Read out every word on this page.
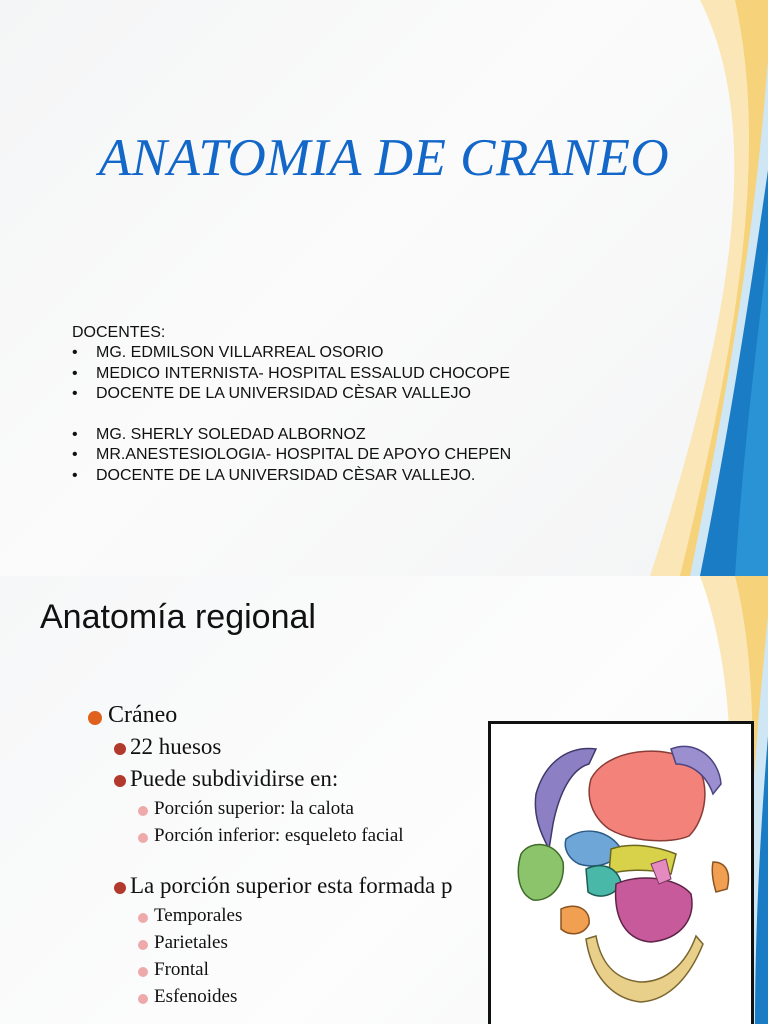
ANATOMIA DE CRANEO
DOCENTES:
• MG. EDMILSON VILLARREAL OSORIO
• MEDICO INTERNISTA- HOSPITAL ESSALUD CHOCOPE
• DOCENTE DE LA UNIVERSIDAD CÈSAR VALLEJO
• MG. SHERLY SOLEDAD ALBORNOZ
• MR.ANESTESIOLOGIA- HOSPITAL DE APOYO CHEPEN
• DOCENTE DE LA UNIVERSIDAD CÈSAR VALLEJO.
Anatomía regional
Cráneo
22 huesos
Puede subdividirse en:
Porción superior: la calota
Porción inferior: esqueleto facial
La porción superior esta formada p
Temporales
Parietales
Frontal
Esfenoides
